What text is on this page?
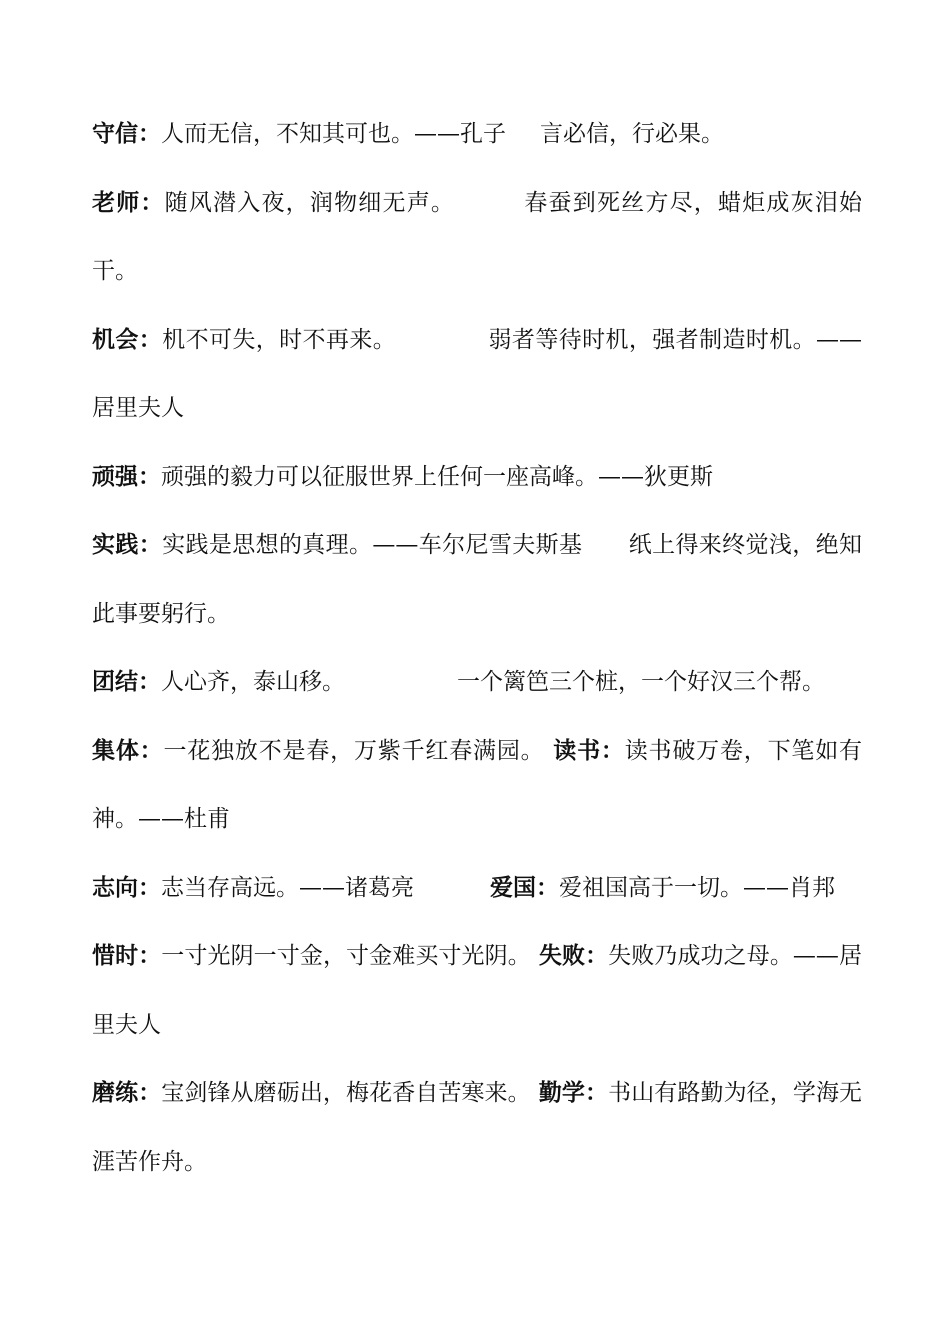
守信：人而无信，不知其可也。——孔子 言必信，行必果。

老师：随风潜入夜，润物细无声。	春蚕到死丝方尽，蜡炬成灰泪始干。

机会：机不可失，时不再来。	弱者等待时机，强者制造时机。——居里夫人

顽强：顽强的毅力可以征服世界上任何一座高峰。——狄更斯

实践：实践是思想的真理。——车尔尼雪夫斯基 纸上得来终觉浅，绝知此事要躬行。

团结：人心齐，泰山移。	一个篱笆三个桩，一个好汉三个帮。

集体：一花独放不是春，万紫千红春满园。 读书：读书破万卷，下笔如有神。——杜甫

志向：志当存高远。——诸葛亮	爱国：爱祖国高于一切。——肖邦

惜时：一寸光阴一寸金，寸金难买寸光阴。 失败：失败乃成功之母。——居里夫人

磨练：宝剑锋从磨砺出，梅花香自苦寒来。 勤学：书山有路勤为径，学海无涯苦作舟。
